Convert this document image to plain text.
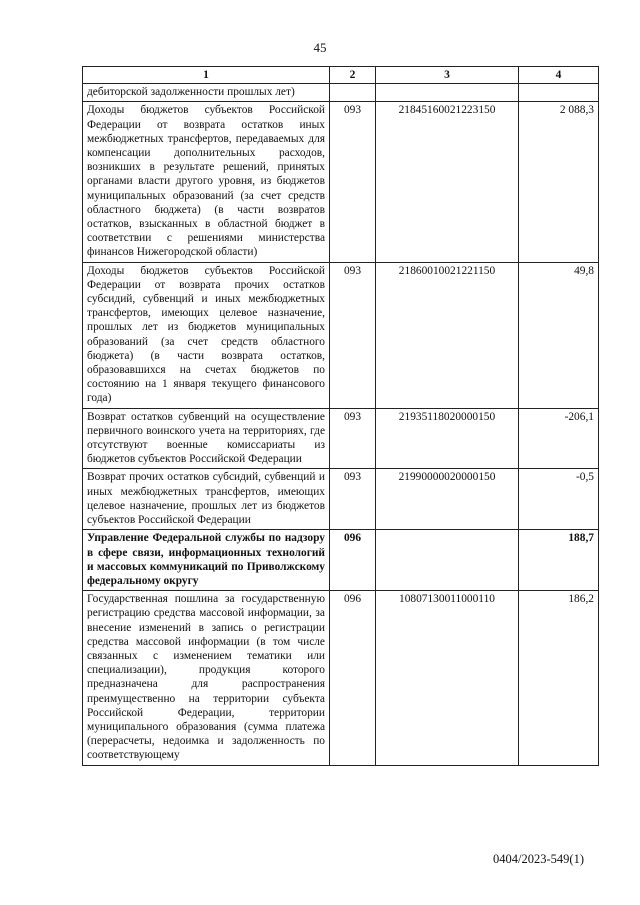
45
1	2	3	4
дебиторской задолженности прошлых лет)			
Доходы бюджетов субъектов Российской Федерации от возврата остатков иных межбюджетных трансфертов, передаваемых для компенсации дополнительных расходов, возникших в результате решений, принятых органами власти другого уровня, из бюджетов муниципальных образований (за счет средств областного бюджета) (в части возвратов остатков, взысканных в областной бюджет в соответствии с решениями министерства финансов Нижегородской области)	093	21845160021223150	2 088,3
Доходы бюджетов субъектов Российской Федерации от возврата прочих остатков субсидий, субвенций и иных межбюджетных трансфертов, имеющих целевое назначение, прошлых лет из бюджетов муниципальных образований (за счет средств областного бюджета) (в части возврата остатков, образовавшихся на счетах бюджетов по состоянию на 1 января текущего финансового года)	093	21860010021221150	49,8
Возврат остатков субвенций на осуществление первичного воинского учета на территориях, где отсутствуют военные комиссариаты из бюджетов субъектов Российской Федерации	093	21935118020000150	-206,1
Возврат прочих остатков субсидий, субвенций и иных межбюджетных трансфертов, имеющих целевое назначение, прошлых лет из бюджетов субъектов Российской Федерации	093	21990000020000150	-0,5
Управление Федеральной службы по надзору в сфере связи, информационных технологий и массовых коммуникаций по Приволжскому федеральному округу	096		188,7
Государственная пошлина за государственную регистрацию средства массовой информации, за внесение изменений в запись о регистрации средства массовой информации (в том числе связанных с изменением тематики или специализации), продукция которого предназначена для распространения преимущественно на территории субъекта Российской Федерации, территории муниципального образования (сумма платежа (перерасчеты, недоимка и задолженность по соответствующему	096	10807130011000110	186,2
0404/2023-549(1)
